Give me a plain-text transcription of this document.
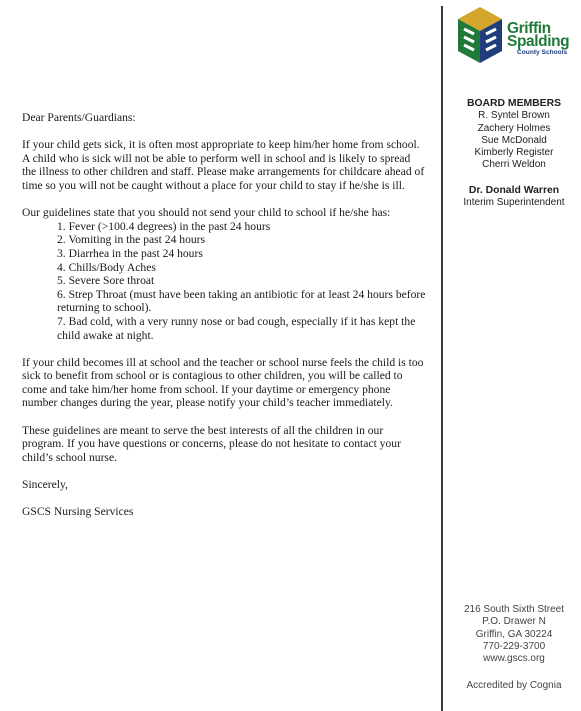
Dear Parents/Guardians:

If your child gets sick, it is often most appropriate to keep him/her home from school. A child who is sick will not be able to perform well in school and is likely to spread the illness to other children and staff. Please make arrangements for childcare ahead of time so you will not be caught without a place for your child to stay if he/she is ill.

Our guidelines state that you should not send your child to school if he/she has:
1. Fever (>100.4 degrees) in the past 24 hours
2. Vomiting in the past 24 hours
3. Diarrhea in the past 24 hours
4. Chills/Body Aches
5. Severe Sore throat
6. Strep Throat (must have been taking an antibiotic for at least 24 hours before returning to school).
7. Bad cold, with a very runny nose or bad cough, especially if it has kept the child awake at night.

If your child becomes ill at school and the teacher or school nurse feels the child is too sick to benefit from school or is contagious to other children, you will be called to come and take him/her home from school. If your daytime or emergency phone number changes during the year, please notify your child’s teacher immediately.

These guidelines are meant to serve the best interests of all the children in our program. If you have questions or concerns, please do not hesitate to contact your child’s school nurse.

Sincerely,

GSCS Nursing Services

Griffin
Spalding
County Schools
BOARD MEMBERS
R. Syntel Brown
Zachery Holmes
Sue McDonald
Kimberly Register
Cherri Weldon
Dr. Donald Warren
Interim Superintendent
216 South Sixth Street
P.O. Drawer N
Griffin, GA 30224
770-229-3700
www.gscs.org
Accredited by Cognia
